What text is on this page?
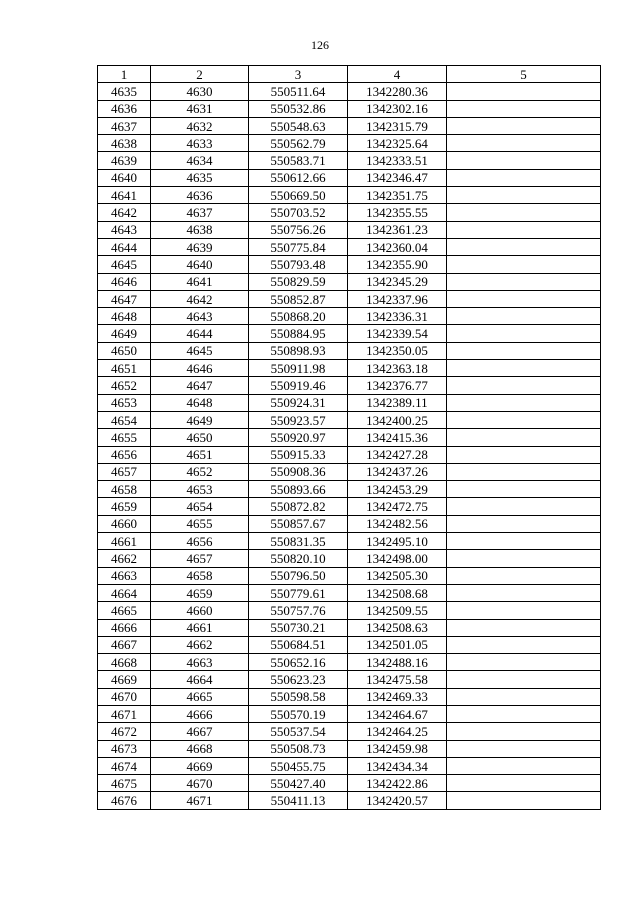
126
1	2	3	4	5
4635	4630	550511.64	1342280.36	
4636	4631	550532.86	1342302.16	
4637	4632	550548.63	1342315.79	
4638	4633	550562.79	1342325.64	
4639	4634	550583.71	1342333.51	
4640	4635	550612.66	1342346.47	
4641	4636	550669.50	1342351.75	
4642	4637	550703.52	1342355.55	
4643	4638	550756.26	1342361.23	
4644	4639	550775.84	1342360.04	
4645	4640	550793.48	1342355.90	
4646	4641	550829.59	1342345.29	
4647	4642	550852.87	1342337.96	
4648	4643	550868.20	1342336.31	
4649	4644	550884.95	1342339.54	
4650	4645	550898.93	1342350.05	
4651	4646	550911.98	1342363.18	
4652	4647	550919.46	1342376.77	
4653	4648	550924.31	1342389.11	
4654	4649	550923.57	1342400.25	
4655	4650	550920.97	1342415.36	
4656	4651	550915.33	1342427.28	
4657	4652	550908.36	1342437.26	
4658	4653	550893.66	1342453.29	
4659	4654	550872.82	1342472.75	
4660	4655	550857.67	1342482.56	
4661	4656	550831.35	1342495.10	
4662	4657	550820.10	1342498.00	
4663	4658	550796.50	1342505.30	
4664	4659	550779.61	1342508.68	
4665	4660	550757.76	1342509.55	
4666	4661	550730.21	1342508.63	
4667	4662	550684.51	1342501.05	
4668	4663	550652.16	1342488.16	
4669	4664	550623.23	1342475.58	
4670	4665	550598.58	1342469.33	
4671	4666	550570.19	1342464.67	
4672	4667	550537.54	1342464.25	
4673	4668	550508.73	1342459.98	
4674	4669	550455.75	1342434.34	
4675	4670	550427.40	1342422.86	
4676	4671	550411.13	1342420.57	
